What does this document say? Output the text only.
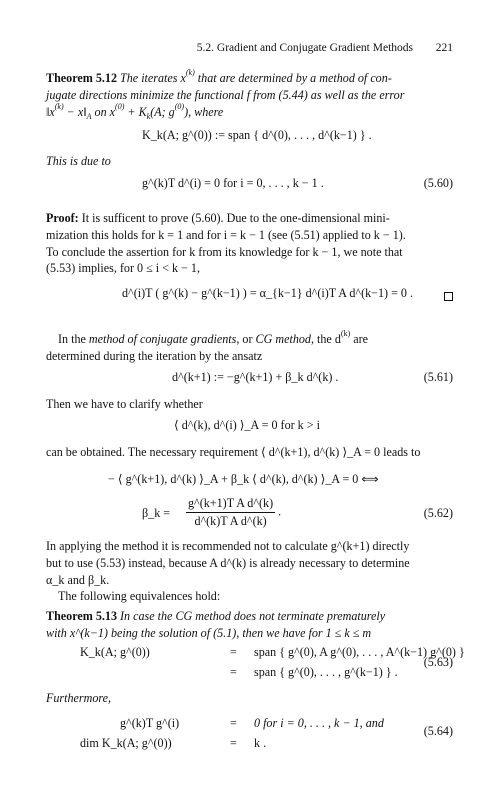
5.2. Gradient and Conjugate Gradient Methods 221

Theorem 5.12 The iterates $x^{(k)}$ that are determined by a method of con-

jugate directions minimize the functional f from (5.44) as well as the error

$‖x^{(k)}$ − $x‖_A$ on $x^{(0)} + K_k(A$; $g^{(0)}$), where

K_k(A; g^(0)) := span { d^(0), . . . , d^(k−1) } .

This is due to

g^(k)T d^(i) = 0 for i = 0, . . . , k − 1 .	(5.60)

Proof: It is sufficent to prove (5.60). Due to the one-dimensional mini-

mization this holds for k = 1 and for i = k − 1 (see (5.51) applied to k − 1).

To conclude the assertion for k from its knowledge for k − 1, we note that

(5.53) implies, for 0 ≤ i < k − 1,

d^(i)T ( g^(k) − g^(k−1) ) = α_{k−1} d^(i)T A d^(k−1) = 0 .

In the method of conjugate gradients, or CG method, the $d^{(k)}$ are

determined during the iteration by the ansatz

d^(k+1) := −g^(k+1) + β_k d^(k) .	(5.61)

Then we have to clarify whether

⟨ d^(k), d^(i) ⟩_A = 0 for k > i

can be obtained. The necessary requirement ⟨ d^(k+1), d^(k) ⟩_A = 0 leads to

− ⟨ g^(k+1), d^(k) ⟩_A + β_k ⟨ d^(k), d^(k) ⟩_A = 0 ⟺
β_k = $\frac{\text{g\textasciicircum{}(k+1)T A d\textasciicircum{}(k)}}{\text{d\textasciicircum{}(k)T A d\textasciicircum{}(k)}}$ .	(5.62)

In applying the method it is recommended not to calculate g^(k+1) directly

but to use (5.53) instead, because A d^(k) is already necessary to determine

α_k and β_k.

The following equivalences hold:

Theorem 5.13 In case the CG method does not terminate prematurely

with x^(k−1) being the solution of (5.1), then we have for 1 ≤ k ≤ m

K_k(A; g^(0))	= span { g^(0), A g^(0), . . . , A^(k−1) g^(0) }
= span { g^(0), . . . , g^(k−1) } .
(5.63)

Furthermore,

g^(k)T g^(i)	= 0 for i = 0, . . . , k − 1, and
dim K_k(A; g^(0))	= k .
(5.64)
